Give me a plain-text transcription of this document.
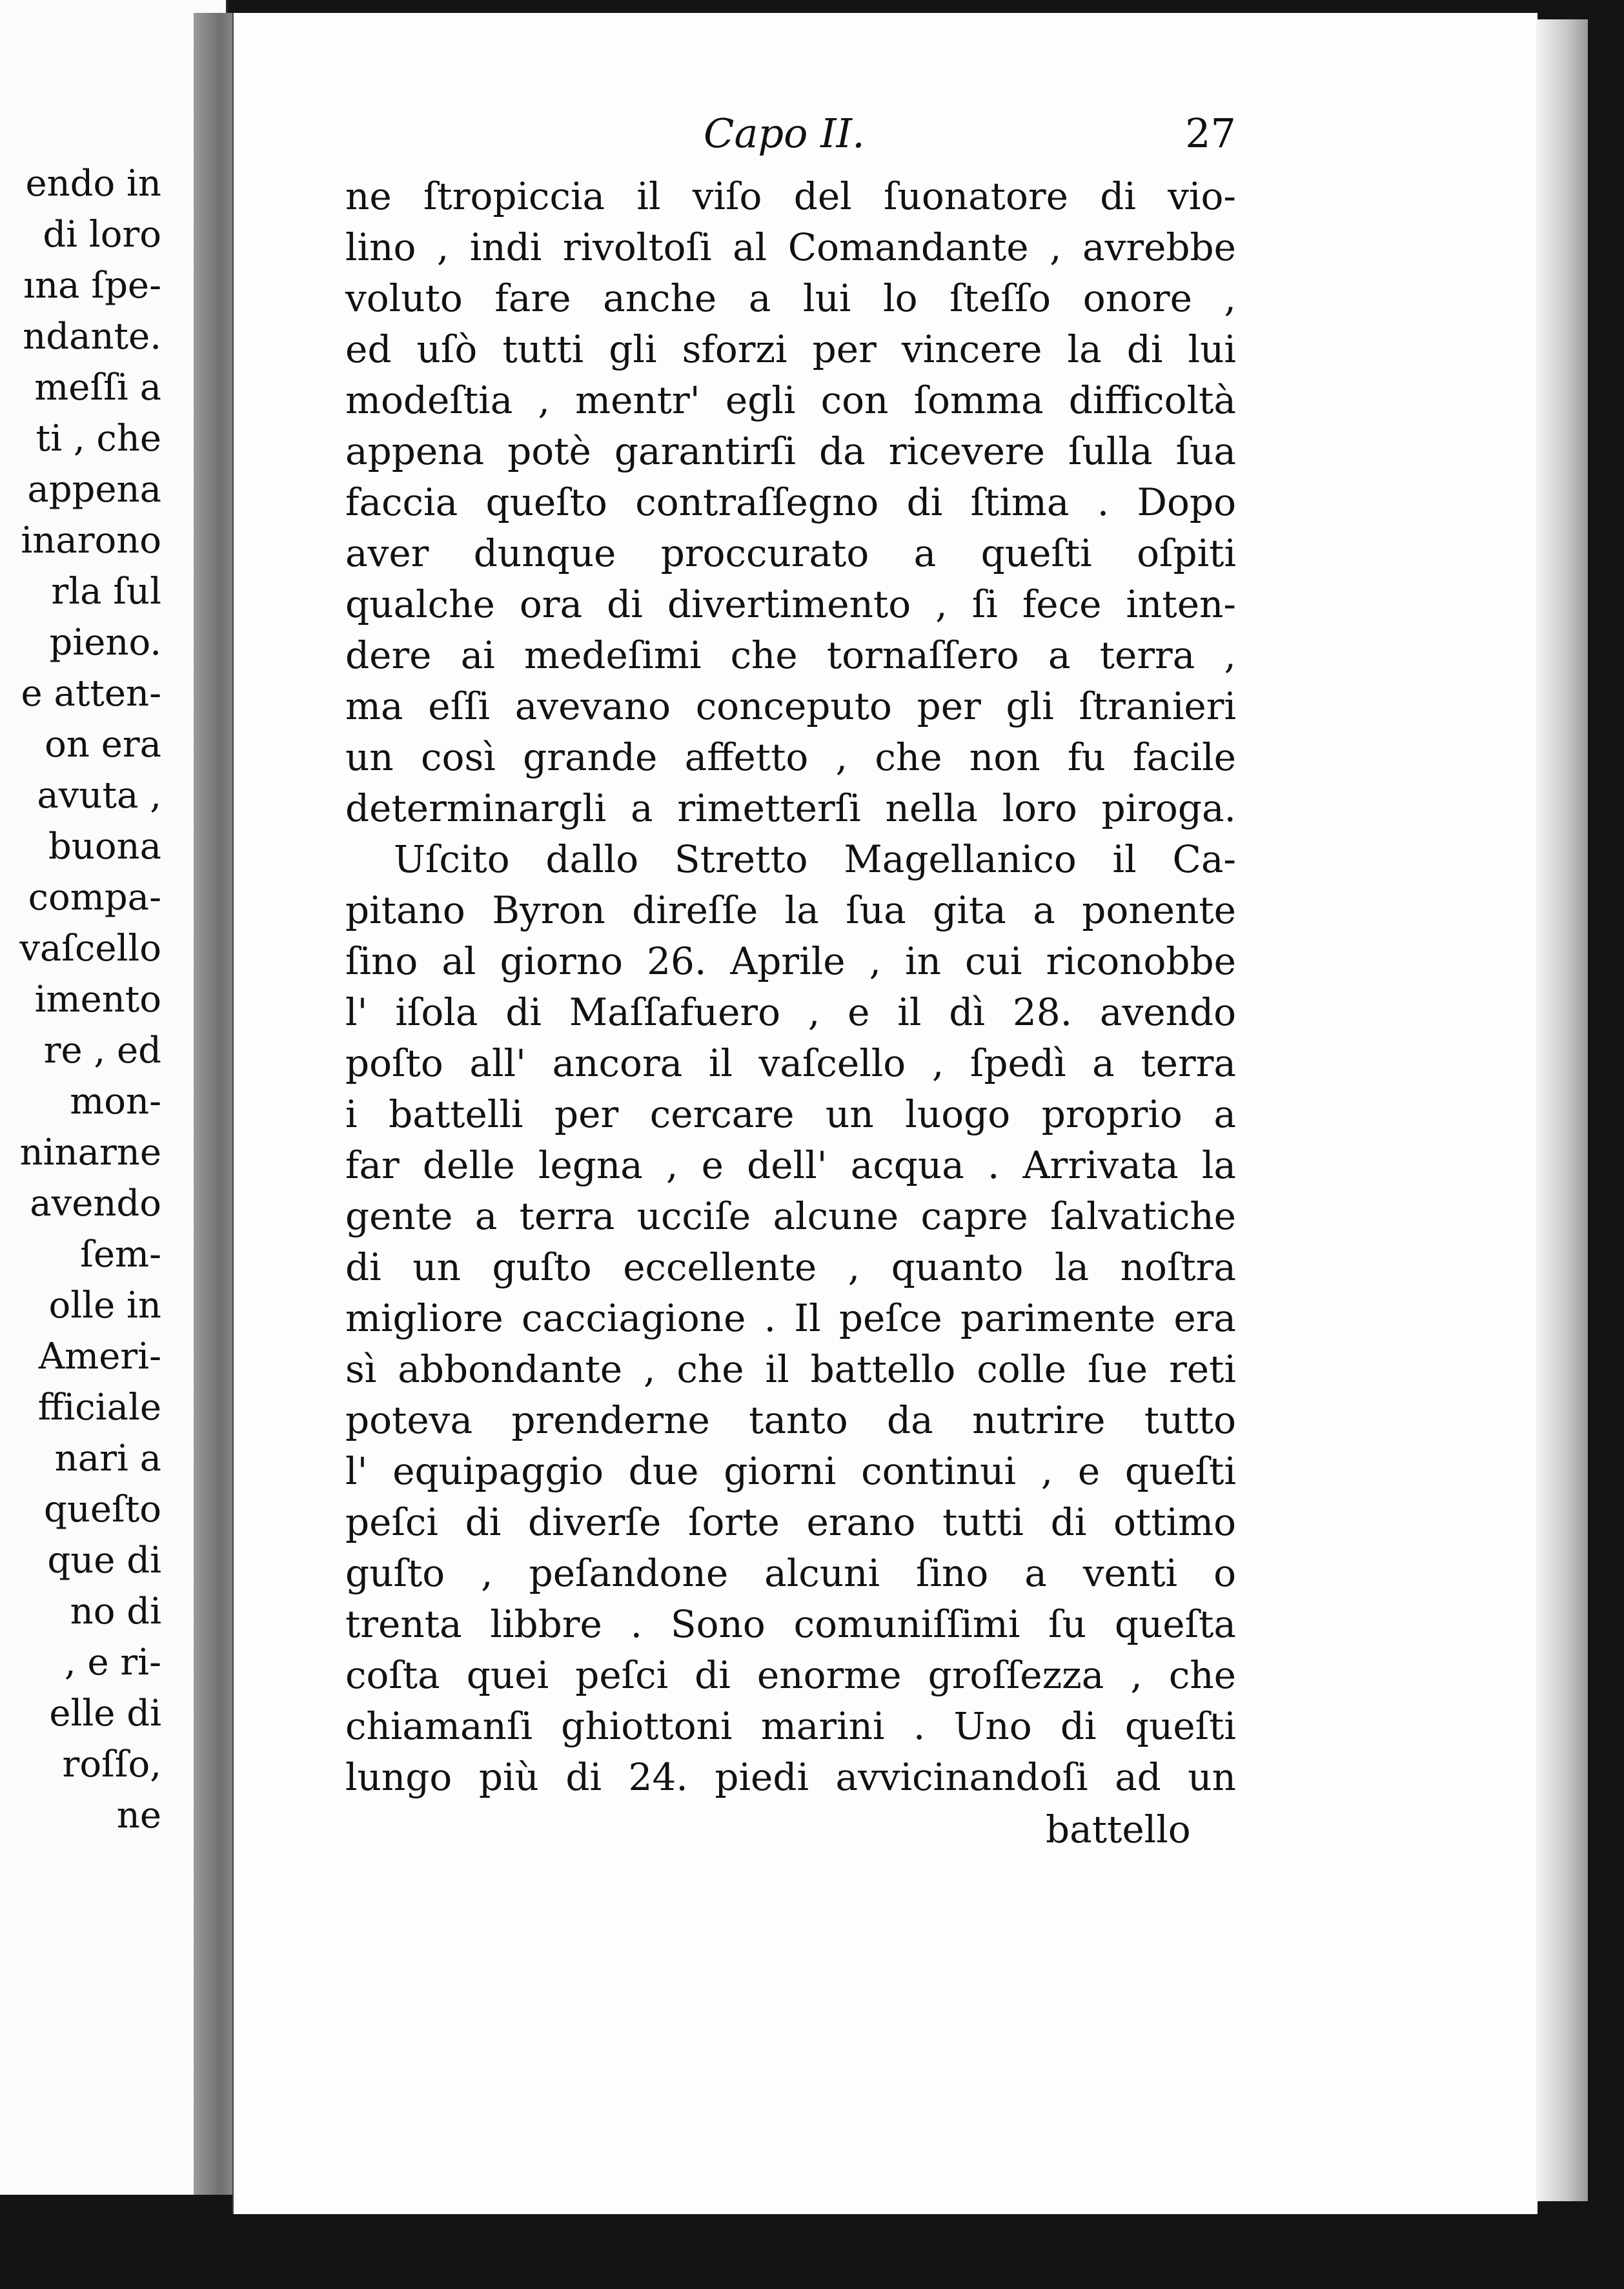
endo in
di loro
ına ſpe-
ndante.
meſſi a
ti , che
appena
inarono
rla ſul
pieno.
e atten-
on era
avuta ,
buona
compa-
vaſcello
imento
re , ed
mon-
ninarne
avendo
ſem-
olle in
Ameri-
fficiale
nari a
queſto
que di
no di
, e ri-
elle di
roſſo,
ne
Capo II.	27
ne ſtropiccia il viſo del ſuonatore di vio-
lino , indi rivoltoſi al Comandante , avrebbe
voluto fare anche a lui lo ſteſſo onore ,
ed uſò tutti gli sforzi per vincere la di lui
modeſtia , mentr' egli con ſomma difficoltà
appena potè garantirſi da ricevere ſulla ſua
faccia queſto contraſſegno di ſtima . Dopo
aver dunque proccurato a queſti oſpiti
qualche ora di divertimento , ſi fece inten-
dere ai medeſimi che tornaſſero a terra ,
ma eſſi avevano conceputo per gli ſtranieri
un così grande affetto , che non fu facile
determinargli a rimetterſi nella loro piroga.
Uſcito dallo Stretto Magellanico il Ca-
pitano Byron direſſe la ſua gita a ponente
ſino al giorno 26. Aprile , in cui riconobbe
l' iſola di Maſſafuero , e il dì 28. avendo
poſto all' ancora il vaſcello , ſpedì a terra
i battelli per cercare un luogo proprio a
far delle legna , e dell' acqua . Arrivata la
gente a terra ucciſe alcune capre ſalvatiche
di un guſto eccellente , quanto la noſtra
migliore cacciagione . Il peſce parimente era
sì abbondante , che il battello colle ſue reti
poteva prenderne tanto da nutrire tutto
l' equipaggio due giorni continui , e queſti
peſci di diverſe ſorte erano tutti di ottimo
guſto , peſandone alcuni ſino a venti o
trenta libbre . Sono comuniſſimi ſu queſta
coſta quei peſci di enorme groſſezza , che
chiamanſi ghiottoni marini . Uno di queſti
lungo più di 24. piedi avvicinandoſi ad un
battello
